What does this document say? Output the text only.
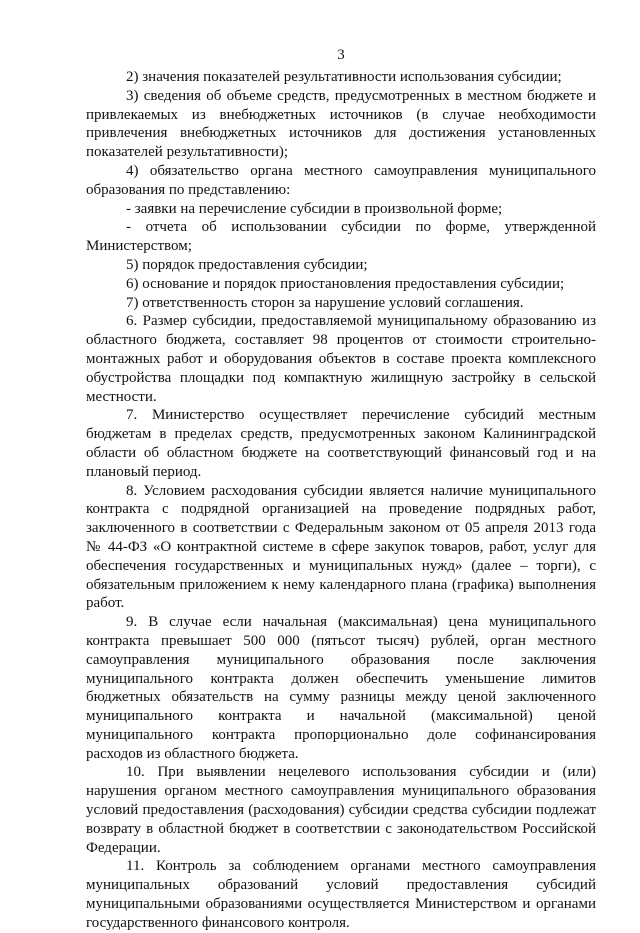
3

2) значения показателей результативности использования субсидии;

3) сведения об объеме средств, предусмотренных в местном бюджете и привлекаемых из внебюджетных источников (в случае необходимости привлечения внебюджетных источников для достижения установленных показателей результативности);

4) обязательство органа местного самоуправления муниципального образования по представлению:

- заявки на перечисление субсидии в произвольной форме;

- отчета об использовании субсидии по форме, утвержденной Министерством;

5) порядок предоставления субсидии;

6) основание и порядок приостановления предоставления субсидии;

7) ответственность сторон за нарушение условий соглашения.

6. Размер субсидии, предоставляемой муниципальному образованию из областного бюджета, составляет 98 процентов от стоимости строительно-монтажных работ и оборудования объектов в составе проекта комплексного обустройства площадки под компактную жилищную застройку в сельской местности.

7. Министерство осуществляет перечисление субсидий местным бюджетам в пределах средств, предусмотренных законом Калининградской области об областном бюджете на соответствующий финансовый год и на плановый период.

8. Условием расходования субсидии является наличие муниципального контракта с подрядной организацией на проведение подрядных работ, заключенного в соответствии с Федеральным законом от 05 апреля 2013 года № 44-ФЗ «О контрактной системе в сфере закупок товаров, работ, услуг для обеспечения государственных и муниципальных нужд» (далее – торги), с обязательным приложением к нему календарного плана (графика) выполнения работ.

9. В случае если начальная (максимальная) цена муниципального контракта превышает 500 000 (пятьсот тысяч) рублей, орган местного самоуправления муниципального образования после заключения муниципального контракта должен обеспечить уменьшение лимитов бюджетных обязательств на сумму разницы между ценой заключенного муниципального контракта и начальной (максимальной) ценой муниципального контракта пропорционально доле софинансирования расходов из областного бюджета.

10. При выявлении нецелевого использования субсидии и (или) нарушения органом местного самоуправления муниципального образования условий предоставления (расходования) субсидии средства субсидии подлежат возврату в областной бюджет в соответствии с законодательством Российской Федерации.

11. Контроль за соблюдением органами местного самоуправления муниципальных образований условий предоставления субсидий муниципальными образованиями осуществляется Министерством и органами государственного финансового контроля.
